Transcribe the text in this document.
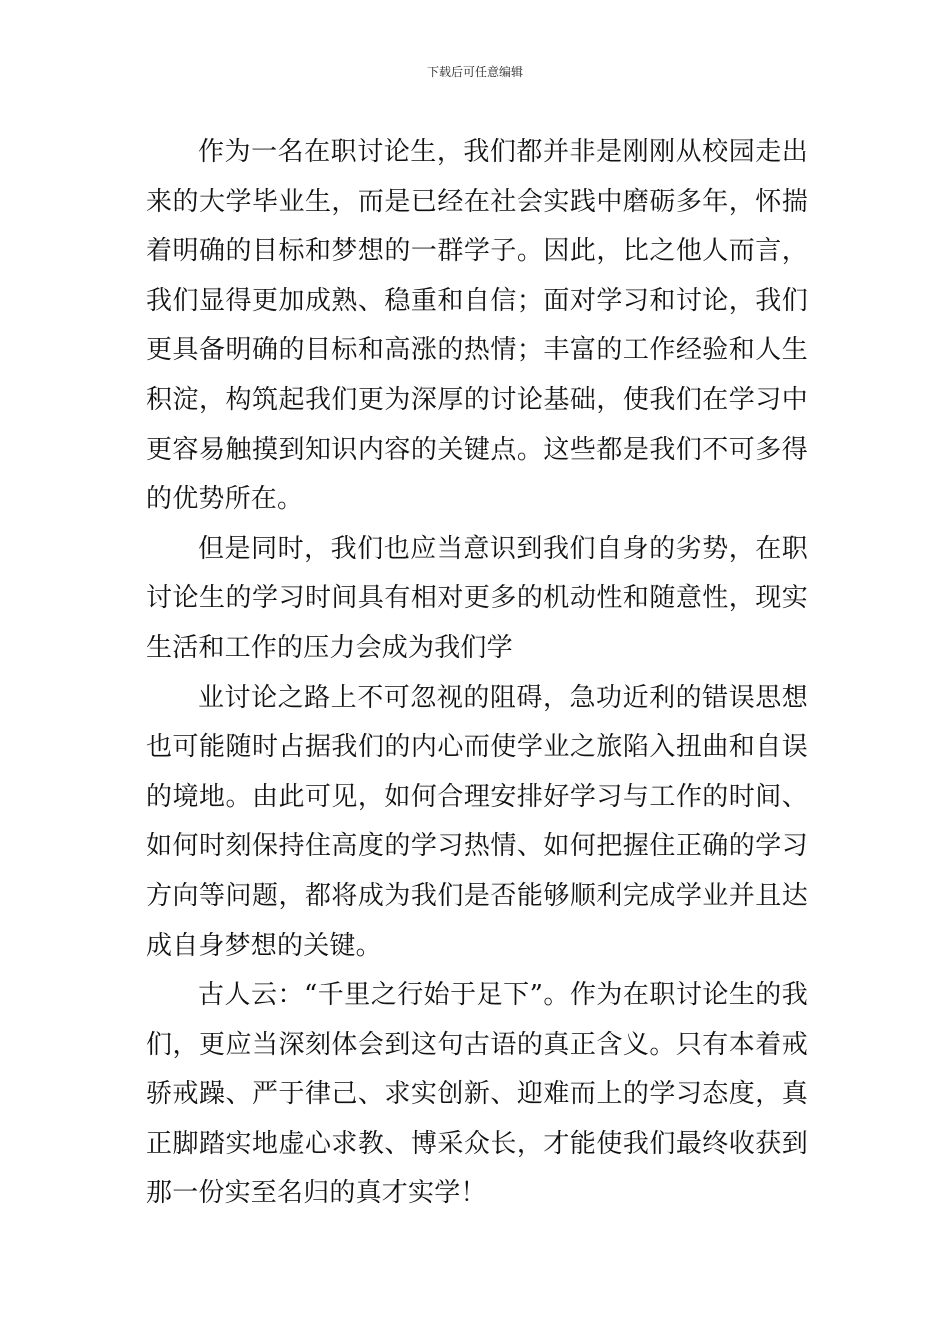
下载后可任意编辑

作为一名在职讨论生，我们都并非是刚刚从校园走出来的大学毕业生，而是已经在社会实践中磨砺多年，怀揣着明确的目标和梦想的一群学子。因此，比之他人而言，我们显得更加成熟、稳重和自信；面对学习和讨论，我们更具备明确的目标和高涨的热情；丰富的工作经验和人生积淀，构筑起我们更为深厚的讨论基础，使我们在学习中更容易触摸到知识内容的关键点。这些都是我们不可多得的优势所在。

但是同时，我们也应当意识到我们自身的劣势，在职讨论生的学习时间具有相对更多的机动性和随意性，现实生活和工作的压力会成为我们学

业讨论之路上不可忽视的阻碍，急功近利的错误思想也可能随时占据我们的内心而使学业之旅陷入扭曲和自误的境地。由此可见，如何合理安排好学习与工作的时间、如何时刻保持住高度的学习热情、如何把握住正确的学习方向等问题，都将成为我们是否能够顺利完成学业并且达成自身梦想的关键。

古人云：“千里之行始于足下”。作为在职讨论生的我们，更应当深刻体会到这句古语的真正含义。只有本着戒骄戒躁、严于律己、求实创新、迎难而上的学习态度，真正脚踏实地虚心求教、博采众长，才能使我们最终收获到那一份实至名归的真才实学！
